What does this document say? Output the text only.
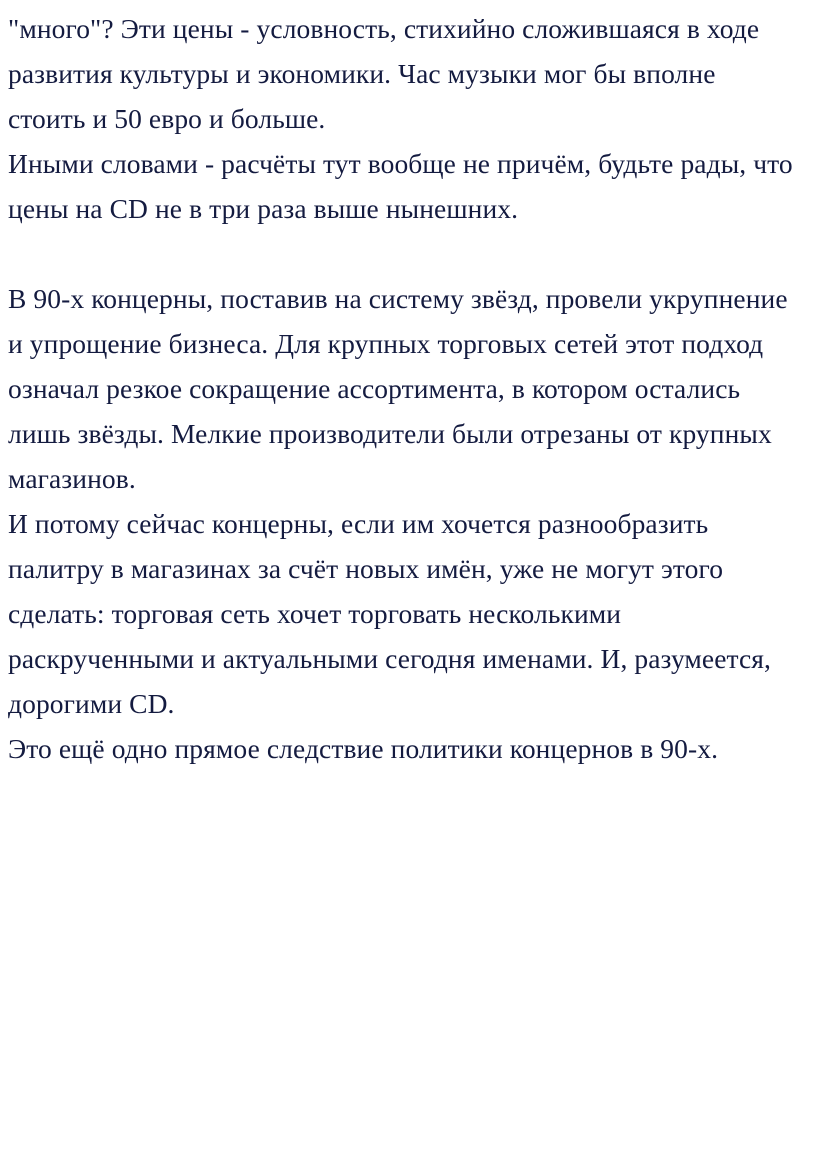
"много"? Эти цены - условность, стихийно сложившаяся в ходе развития культуры и экономики. Час музыки мог бы вполне стоить и 50 евро и больше.

Иными словами - расчёты тут вообще не причём, будьте рады, что цены на CD не в три раза выше нынешних.

В 90-х концерны, поставив на систему звёзд, провели укрупнение и упрощение бизнеса. Для крупных торговых сетей этот подход означал резкое сокращение ассортимента, в котором остались лишь звёзды. Мелкие производители были отрезаны от крупных магазинов.

И потому сейчас концерны, если им хочется разнообразить палитру в магазинах за счёт новых имён, уже не могут этого сделать: торговая сеть хочет торговать несколькими раскрученными и актуальными сегодня именами. И, разумеется, дорогими CD.

Это ещё одно прямое следствие политики концернов в 90-х.
